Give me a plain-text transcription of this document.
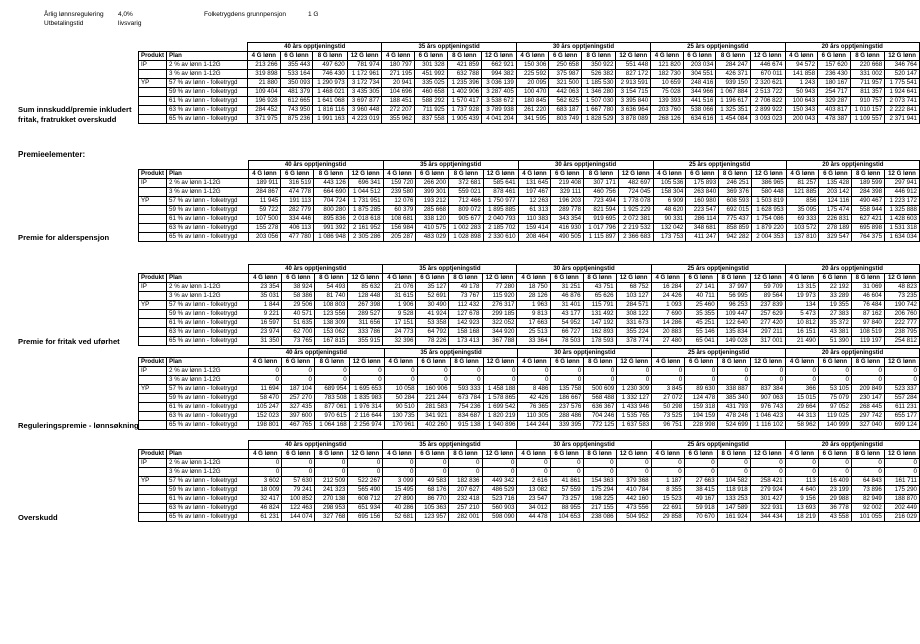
Årlig lønnsregulering	4,0%	Folketrygdens grunnpensjon	1 G
Utbetalingstid	livsvarig		
Sum innskudd/premie inkludert
fritak, fratrukket overskudd
		40 års opptjeningstid				35 års opptjeningstid				30 års opptjeningstid				25 års opptjeningstid				20 års opptjeningstid			
Produkt	Plan	4 G lønn	6 G lønn	8 G lønn	12 G lønn	4 G lønn	6 G lønn	8 G lønn	12 G lønn	4 G lønn	6 G lønn	8 G lønn	12 G lønn	4 G lønn	6 G lønn	8 G lønn	12 G lønn	4 G lønn	6 G lønn	8 G lønn	12 G lønn
IP	2 % av lønn 1-12G	213 266	355 443	497 620	781 974	180 797	301 328	421 859	662 921	150 306	250 658	350 922	551 448	121 820	203 034	284 247	446 674	94 572	157 620	220 668	346 764
	3 % av lønn 1-12G	319 898	533 164	746 430	1 172 961	271 195	451 992	632 788	994 382	225 592	375 987	526 382	827 172	182 730	304 551	426 371	670 011	141 858	236 430	331 002	520 147
YP	57 % av lønn - folketrygd	21 880	350 093	1 290 973	3 172 734	20 941	335 025	1 235 396	3 036 139	20 095	321 500	1 185 530	2 913 591	10 659	248 416	939 150	2 320 621	1 243	180 167	711 957	1 775 541
	59 % av lønn - folketrygd	109 404	481 379	1 468 021	3 435 305	104 696	460 658	1 402 906	3 287 405	100 470	442 063	1 346 280	3 154 715	75 028	344 966	1 067 884	2 513 722	50 943	254 717	811 357	1 924 641
	61 % av lønn - folketrygd	196 928	612 665	1 641 068	3 697 877	188 451	588 292	1 570 417	3 538 672	180 845	562 625	1 507 030	3 395 840	139 393	441 516	1 196 617	2 706 822	100 643	329 287	910 757	2 073 741
	63 % av lønn - folketrygd	284 452	743 950	1 816 116	3 960 448	272 207	711 925	1 737 928	3 789 938	261 220	683 187	1 667 780	3 636 964	203 760	538 066	1 325 351	2 899 922	150 343	403 817	1 010 157	2 222 841
	65 % av lønn - folketrygd	371 975	875 236	1 991 163	4 223 019	355 962	837 558	1 905 439	4 041 204	341 595	803 749	1 828 529	3 878 089	268 126	634 616	1 454 084	3 093 023	200 043	478 387	1 109 557	2 371 941
Premieelementer:
Premie for alderspensjon
		40 års opptjeningstid				35 års opptjeningstid				30 års opptjeningstid				25 års opptjeningstid				20 års opptjeningstid			
Produkt	Plan	4 G lønn	6 G lønn	8 G lønn	12 G lønn	4 G lønn	6 G lønn	8 G lønn	12 G lønn	4 G lønn	6 G lønn	8 G lønn	12 G lønn	4 G lønn	6 G lønn	8 G lønn	12 G lønn	4 G lønn	6 G lønn	8 G lønn	12 G lønn
IP	2 % av lønn 1-12G	189 911	316 519	443 126	696 341	159 720	266 200	372 681	585 641	131 645	219 408	307 171	482 697	105 536	175 893	246 251	386 965	81 257	135 428	189 599	297 941
	3 % av lønn 1-12G	284 867	474 778	664 690	1 044 512	239 580	399 301	559 021	878 461	197 467	329 111	460 756	724 045	158 304	263 840	369 376	580 448	121 885	203 142	284 398	446 912
YP	57 % av lønn - folketrygd	11 945	191 113	704 724	1 731 951	12 076	193 212	712 466	1 750 977	12 263	196 203	723 494	1 778 078	6 909	160 980	608 593	1 503 819	856	124 116	490 467	1 223 172
	59 % av lønn - folketrygd	59 722	282 779	800 280	1 875 285	60 379	285 668	809 072	1 895 885	61 313	289 778	821 594	1 925 229	48 620	223 547	692 015	1 628 953	35 095	175 474	558 944	1 325 888
	61 % av lønn - folketrygd	107 500	334 446	895 836	2 018 618	108 681	338 120	905 677	2 040 793	110 383	343 354	919 695	2 072 381	90 331	286 114	775 437	1 754 086	69 333	226 831	627 421	1 428 603
	63 % av lønn - folketrygd	155 278	406 113	991 392	2 161 952	156 984	410 575	1 002 283	2 185 702	159 414	416 930	1 017 796	2 219 532	132 042	348 681	858 859	1 879 220	103 572	278 189	695 898	1 531 318
	65 % av lønn - folketrygd	203 056	477 780	1 086 948	2 305 286	205 287	483 029	1 028 898	2 330 610	208 464	490 505	1 115 897	2 366 683	173 753	411 247	942 282	2 004 353	137 810	329 547	764 375	1 634 034
Premie for fritak ved uførhet
		40 års opptjeningstid				35 års opptjeningstid				30 års opptjeningstid				25 års opptjeningstid				20 års opptjeningstid			
Produkt	Plan	4 G lønn	6 G lønn	8 G lønn	12 G lønn	4 G lønn	6 G lønn	8 G lønn	12 G lønn	4 G lønn	6 G lønn	8 G lønn	12 G lønn	4 G lønn	6 G lønn	8 G lønn	12 G lønn	4 G lønn	6 G lønn	8 G lønn	12 G lønn
IP	2 % av lønn 1-12G	23 354	38 924	54 493	85 632	21 076	35 127	49 178	77 280	18 750	31 251	43 751	68 752	16 284	27 141	37 997	59 709	13 315	22 192	31 069	48 823
	3 % av lønn 1-12G	35 031	58 386	81 740	128 448	31 615	52 691	73 767	115 920	28 126	46 876	65 626	103 127	24 426	40 711	56 995	89 564	19 973	33 289	46 604	73 235
YP	57 % av lønn - folketrygd	1 844	29 506	108 803	267 398	1 906	30 490	112 432	276 317	1 963	31 401	115 791	284 571	1 093	25 460	96 253	237 839	134	19 355	76 484	190 742
	59 % av lønn - folketrygd	9 221	40 571	123 556	289 527	9 528	41 924	127 678	299 185	9 813	43 177	131 492	308 122	7 690	35 355	109 447	257 629	5 473	27 383	87 162	206 760
	61 % av lønn - folketrygd	16 597	51 635	138 309	311 656	17 151	53 358	142 923	322 052	17 663	54 952	147 192	331 673	14 286	45 251	122 640	277 420	10 812	35 372	97 840	222 777
	63 % av lønn - folketrygd	23 974	62 700	153 062	333 786	24 773	64 792	158 168	344 920	25 513	66 727	162 893	355 224	20 883	55 146	135 834	297 211	16 151	43 381	108 519	238 795
	65 % av lønn - folketrygd	31 350	73 765	167 815	355 915	32 396	78 226	173 413	367 788	33 364	78 503	178 593	378 774	27 480	65 041	149 028	317 001	21 490	51 390	119 197	254 812
Reguleringspremie - lønnsøkning
		40 års opptjeningstid				35 års opptjeningstid				30 års opptjeningstid				25 års opptjeningstid				20 års opptjeningstid			
Produkt	Plan	4 G lønn	6 G lønn	8 G lønn	12 G lønn	4 G lønn	6 G lønn	8 G lønn	12 G lønn	4 G lønn	6 G lønn	8 G lønn	12 G lønn	4 G lønn	6 G lønn	8 G lønn	12 G lønn	4 G lønn	6 G lønn	8 G lønn	12 G lønn
IP	2 % av lønn 1-12G	0	0	0	0	0	0	0	0	0	0	0	0	0	0	0	0	0	0	0	0
	3 % av lønn 1-12G	0	0	0	0	0	0	0	0	0	0	0	0	0	0	0	0	0	0	0	0
YP	57 % av lønn - folketrygd	11 694	187 104	689 954	1 695 653	10 058	160 906	593 333	1 458 188	8 486	135 758	500 609	1 230 309	3 845	89 630	338 887	837 384	366	53 105	209 849	523 337
	59 % av lønn - folketrygd	58 470	257 270	783 508	1 835 983	50 284	221 244	673 784	1 578 865	42 426	186 667	568 488	1 332 127	27 072	124 478	385 340	907 063	15 015	75 079	230 147	557 284
	61 % av lønn - folketrygd	105 247	327 435	877 061	1 976 314	90 510	281 583	754 236	1 699 542	76 365	237 576	636 367	1 433 946	50 298	159 318	431 793	976 743	29 664	97 052	268 445	611 231
	63 % av lønn - folketrygd	152 023	397 600	970 615	2 116 644	130 735	341 921	834 687	1 820 219	110 305	288 486	704 246	1 535 765	73 525	194 159	478 246	1 046 423	44 313	119 025	297 742	655 177
	65 % av lønn - folketrygd	198 801	467 765	1 064 168	2 256 974	170 961	402 260	915 138	1 940 896	144 244	339 395	772 125	1 637 583	96 751	228 998	524 699	1 116 102	58 962	140 999	327 040	699 124
Overskudd
		40 års opptjeningstid				35 års opptjeningstid				30 års opptjeningstid				25 års opptjeningstid				20 års opptjeningstid			
Produkt	Plan	4 G lønn	6 G lønn	8 G lønn	12 G lønn	4 G lønn	6 G lønn	8 G lønn	12 G lønn	4 G lønn	6 G lønn	8 G lønn	12 G lønn	4 G lønn	6 G lønn	8 G lønn	12 G lønn	4 G lønn	6 G lønn	8 G lønn	12 G lønn
IP	2 % av lønn 1-12G	0	0	0	0	0	0	0	0	0	0	0	0	0	0	0	0	0	0	0	0
	3 % av lønn 1-12G	0	0	0	0	0	0	0	0	0	0	0	0	0	0	0	0	0	0	0	0
YP	57 % av lønn - folketrygd	3 602	57 630	212 509	522 267	3 099	49 583	182 836	449 342	2 616	41 861	154 363	379 368	1 187	27 663	104 582	258 421	113	16 409	64 843	161 711
	59 % av lønn - folketrygd	18 009	79 241	241 323	565 490	15 495	68 176	207 627	486 529	13 082	57 559	175 294	410 784	8 355	38 415	118 918	279 924	4 640	23 199	73 896	175 290
	61 % av lønn - folketrygd	32 417	100 852	270 138	608 712	27 890	86 770	232 418	523 716	23 547	73 257	198 225	442 160	15 523	49 167	133 253	301 427	9 156	29 988	82 949	188 870
	63 % av lønn - folketrygd	46 824	122 463	298 953	651 934	40 286	105 363	257 210	560 903	34 012	88 955	217 155	473 556	22 691	59 918	147 589	322 931	13 693	36 778	92 002	202 449
	65 % av lønn - folketrygd	61 231	144 074	327 768	695 156	52 681	123 957	282 001	598 090	44 478	104 653	238 086	504 952	29 858	70 670	161 924	344 434	18 219	43 558	101 055	216 029
